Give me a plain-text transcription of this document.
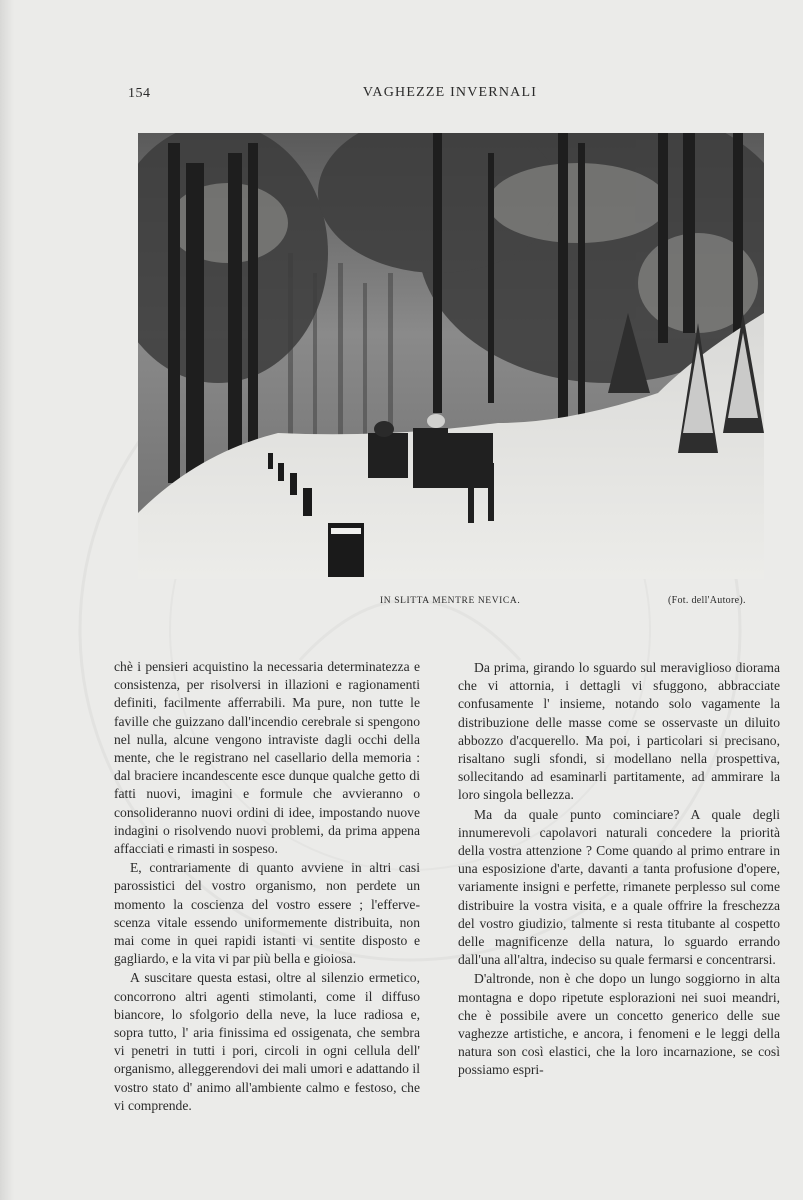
154	VAGHEZZE INVERNALI
IN SLITTA MENTRE NEVICA.	(Fot. dell'Autore).

chè i pensieri acquistino la necessaria determinatezza e consistenza, per risolversi in illazioni e ragionamenti definiti, facilmente afferrabili. Ma pure, non tutte le faville che guizzano dall'incendio cerebrale si spengono nel nulla, alcune vengono intraviste dagli occhi della mente, che le registrano nel casellario della memoria : dal braciere incandescente esce dunque qualche getto di fatti nuovi, imagini e formule che avvieranno o consolideranno nuovi ordini di idee, impostando nuove indagini o risolvendo nuovi problemi, da prima appena affacciati e rimasti in sospeso.

E, contrariamente di quanto avviene in altri casi parossistici del vostro organismo, non perdete un momento la coscienza del vostro essere ; l'effervescenza vitale essendo uniformemente distribuita, non mai come in quei rapidi istanti vi sentite disposto e gagliardo, e la vita vi par più bella e gioiosa.

A suscitare questa estasi, oltre al silenzio ermetico, concorrono altri agenti stimolanti, come il diffuso biancore, lo sfolgorio della neve, la luce radiosa e, sopra tutto, l' aria finissima ed ossigenata, che sembra vi penetri in tutti i pori, circoli in ogni cellula dell' organismo, alleggerendovi dei mali umori e adattando il vostro stato d' animo all'ambiente calmo e festoso, che vi comprende.

Da prima, girando lo sguardo sul meraviglioso diorama che vi attornia, i dettagli vi sfuggono, abbracciate confusamente l' insieme, notando solo vagamente la distribuzione delle masse come se osservaste un diluito abbozzo d'acquerello. Ma poi, i particolari si precisano, risaltano sugli sfondi, si modellano nella prospettiva, sollecitando ad esaminarli partitamente, ad ammirare la loro singola bellezza.

Ma da quale punto cominciare? A quale degli innumerevoli capolavori naturali concedere la priorità della vostra attenzione ? Come quando al primo entrare in una esposizione d'arte, davanti a tanta profusione d'opere, variamente insigni e perfette, rimanete perplesso sul come distribuire la vostra visita, e a quale offrire la freschezza del vostro giudizio, talmente si resta titubante al cospetto delle magnificenze della natura, lo sguardo errando dall'una all'altra, indeciso su quale fermarsi e concentrarsi.

D'altronde, non è che dopo un lungo soggiorno in alta montagna e dopo ripetute esplorazioni nei suoi meandri, che è possibile avere un concetto generico delle sue vaghezze artistiche, e ancora, i fenomeni e le leggi della natura son così elastici, che la loro incarnazione, se così possiamo espri-
